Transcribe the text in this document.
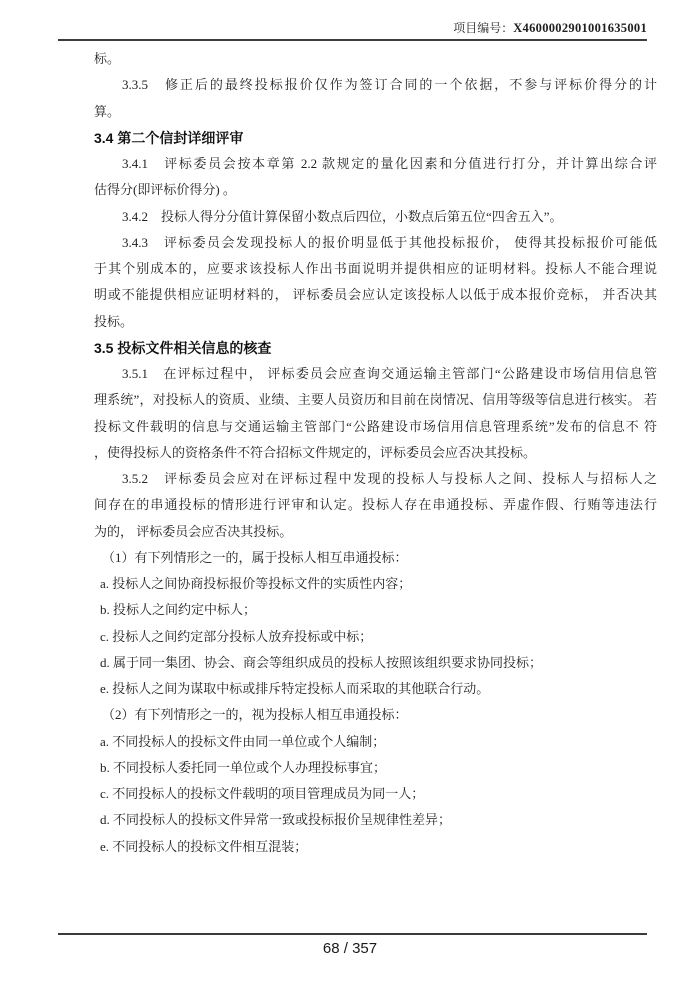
项目编号：X4600002901001635001
标。
3.3.5　修正后的最终投标报价仅作为签订合同的一个依据，不参与评标价得分的计
算。
3.4 第二个信封详细评审
3.4.1　评标委员会按本章第 2.2 款规定的量化因素和分值进行打分，并计算出综合评
估得分(即评标价得分) 。
3.4.2　投标人得分分值计算保留小数点后四位，小数点后第五位“四舍五入”。
3.4.3　评标委员会发现投标人的报价明显低于其他投标报价， 使得其投标报价可能低
于其个别成本的，应要求该投标人作出书面说明并提供相应的证明材料。投标人不能合理说
明或不能提供相应证明材料的， 评标委员会应认定该投标人以低于成本报价竞标， 并否决其
投标。
3.5 投标文件相关信息的核查
3.5.1　在评标过程中， 评标委员会应查询交通运输主管部门“公路建设市场信用信息管
理系统”，对投标人的资质、业绩、主要人员资历和目前在岗情况、信用等级等信息进行核实。 若
投标文件载明的信息与交通运输主管部门“公路建设市场信用信息管理系统”发布的信息不 符
，使得投标人的资格条件不符合招标文件规定的，评标委员会应否决其投标。
3.5.2　评标委员会应对在评标过程中发现的投标人与投标人之间、投标人与招标人之
间存在的串通投标的情形进行评审和认定。投标人存在串通投标、弄虚作假、行贿等违法行
为的， 评标委员会应否决其投标。
（1）有下列情形之一的，属于投标人相互串通投标：
a. 投标人之间协商投标报价等投标文件的实质性内容；
b. 投标人之间约定中标人；
c. 投标人之间约定部分投标人放弃投标或中标；
d. 属于同一集团、协会、商会等组织成员的投标人按照该组织要求协同投标；
e. 投标人之间为谋取中标或排斥特定投标人而采取的其他联合行动。
（2）有下列情形之一的，视为投标人相互串通投标：
a. 不同投标人的投标文件由同一单位或个人编制；
b. 不同投标人委托同一单位或个人办理投标事宜；
c. 不同投标人的投标文件载明的项目管理成员为同一人；
d. 不同投标人的投标文件异常一致或投标报价呈规律性差异；
e. 不同投标人的投标文件相互混装；
68 / 357
